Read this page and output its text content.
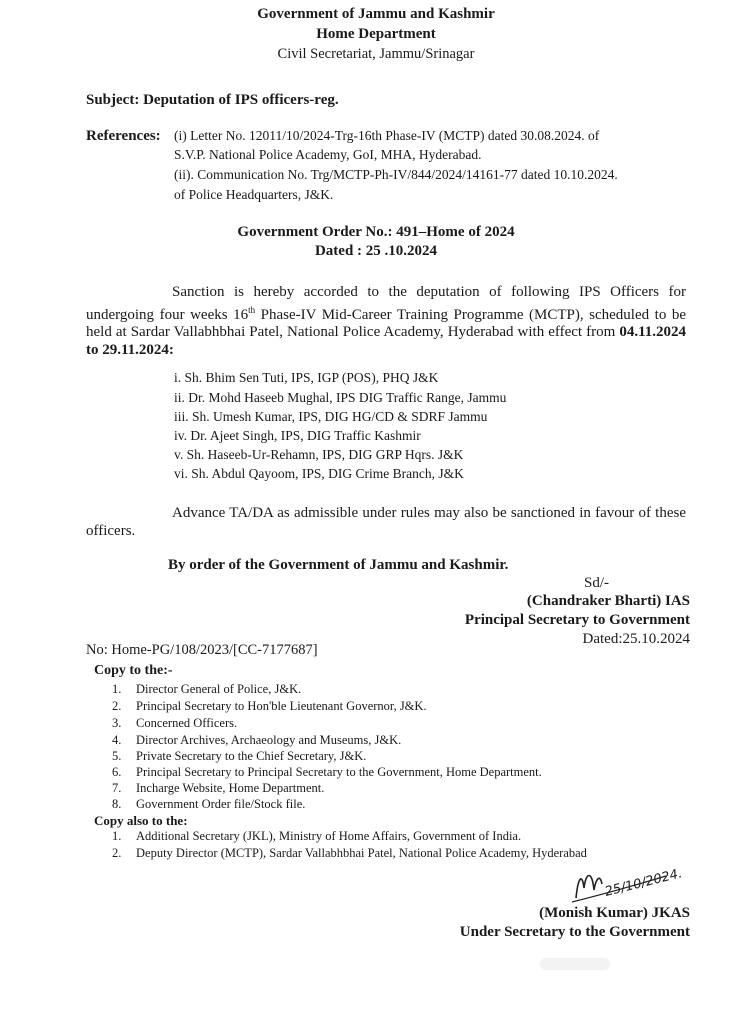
Government of Jammu and Kashmir
Home Department
Civil Secretariat, Jammu/Srinagar
Subject: Deputation of IPS officers-reg.
References: (i) Letter No. 12011/10/2024-Trg-16th Phase-IV (MCTP) dated 30.08.2024. of
S.V.P. National Police Academy, GoI, MHA, Hyderabad.
(ii). Communication No. Trg/MCTP-Ph-IV/844/2024/14161-77 dated 10.10.2024.
of Police Headquarters, J&K.
Government Order No.: 491–Home of 2024
Dated : 25 .10.2024
Sanction is hereby accorded to the deputation of following IPS Officers for undergoing four weeks 16th Phase-IV Mid-Career Training Programme (MCTP), scheduled to be held at Sardar Vallabhbhai Patel, National Police Academy, Hyderabad with effect from 04.11.2024 to 29.11.2024:
i. Sh. Bhim Sen Tuti, IPS, IGP (POS), PHQ J&K
ii. Dr. Mohd Haseeb Mughal, IPS DIG Traffic Range, Jammu
iii. Sh. Umesh Kumar, IPS, DIG HG/CD & SDRF Jammu
iv. Dr. Ajeet Singh, IPS, DIG Traffic Kashmir
v. Sh. Haseeb-Ur-Rehamn, IPS, DIG GRP Hqrs. J&K
vi. Sh. Abdul Qayoom, IPS, DIG Crime Branch, J&K
Advance TA/DA as admissible under rules may also be sanctioned in favour of these officers.
By order of the Government of Jammu and Kashmir.
Sd/-
(Chandraker Bharti) IAS
Principal Secretary to Government
Dated:25.10.2024
No: Home-PG/108/2023/[CC-7177687]
Copy to the:-
1. Director General of Police, J&K.
2. Principal Secretary to Hon'ble Lieutenant Governor, J&K.
3. Concerned Officers.
4. Director Archives, Archaeology and Museums, J&K.
5. Private Secretary to the Chief Secretary, J&K.
6. Principal Secretary to Principal Secretary to the Government, Home Department.
7. Incharge Website, Home Department.
8. Government Order file/Stock file.
Copy also to the:
1. Additional Secretary (JKL), Ministry of Home Affairs, Government of India.
2. Deputy Director (MCTP), Sardar Vallabhbhai Patel, National Police Academy, Hyderabad
25/10/2024.
(Monish Kumar) JKAS
Under Secretary to the Government
